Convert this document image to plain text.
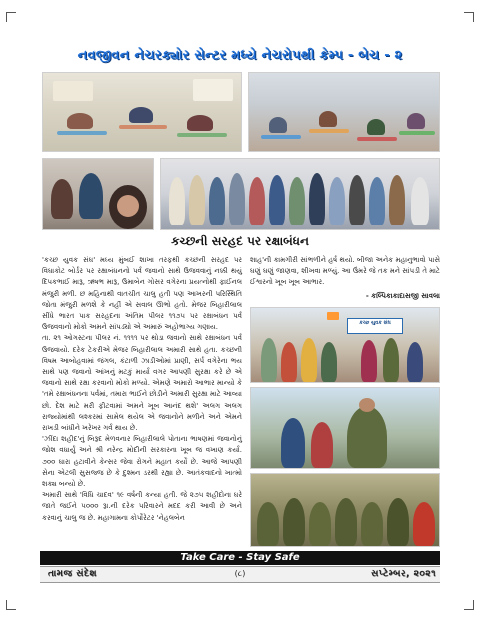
નવજીવન નેચરક્યોર સેન્ટર મધ્યે નેચરોપથી કેમ્પ - બેચ - ૨
કચ્છની સરહદ પર રક્ષાબંધન

'કચ્છ યુવક સંઘ' મધ્ય મુંબઈ શાખા તરફથી કચ્છની સરહદ પર વિઘાકોટ બોર્ડર પર રક્ષાબંધનનો પર્વ જવાનો સાથે ઉજવવાનું નક્કી થયું દિપકભાઈ મારૂ, ઋષભ મારૂ, ઉમાબેન ગોસર વગેરના પ્રયત્નોથી ફાઈનલ મંજુરી મળી. છ મહિનાથી વાતચીત ચાલુ હતી પણ આખરની પરિસ્થિતિ જોતા મંજુરી મળશે કે નહીં એ સવાલ ઊભો હતો. મેજર બિહારીલાલ સીંધે ભારત પાક સરહદના અંતિમ પીલર ૧૧૭૫ પર રક્ષાબંધન પર્વ ઉજવવાનો મોકો અમને સાંપડ્યો એ અમારું અહોભાગ્ય ગણાય.

તા. ૨૧ ઓગસ્ટના પીલર નં. ૧૧૧૧ પર થોડા જવાનો સાથે રક્ષાબંધન પર્વ ઉજવાયો. દરેક ટેકરીએ મેજર બિહારીલાલ અમારી સાથે હતા. કચ્છની વિષમ આબોહવામાં જંગલ, કંટાળી ઝાડીઓમાં પ્રાણી, સર્પ વગેરેના ભય સાથે પણ જવાનો આંખનું મટકું માર્યા વગર આપણી સુરક્ષા કરે છે એ જવાનો સાથે રક્ષા કરવાનો મોકો મળ્યો. એમણે અમારો આભાર માન્યો કે 'તમે રક્ષાબંધનના પર્વમાં, તમારા ભાઈને છોડીને અમારી સુરક્ષા માટે આવ્યા છો. દેશ માટે મરી ફીટવામાં અમને ખૂબ આનંદ થશે' અલગ અલગ રાજ્યોમાંથી લશ્કરમાં સામેલ થયેલ એ જવાનોને મળીને અને એમને રાખડી બાંધીને ખરેખર ગર્વ થાય છે.

'ઝીંદા શહીદ'નું બિરૂદ મેળવનાર બિહારીલાલે પોતાના ભાષણમાં જવાનોનું જોશ વધાર્યું અને શ્રી નરેન્દ્ર મોદીની સરકારના ખૂબ જ વખાણ કર્યા. ૭૦૦ ઘારા હટાવીને કેન્સર જેવા રોગને મહાત કર્યો છે. આજે આપણી સેના એટલી સુસજ્જ છે કે દુશ્મન ડરથી રહ્યા છે. આતંકવાદનો ખાત્મો શક્ય બન્યો છે.

અમારી સાથે 'વિધિ ચાદવ' ૧૯ વર્ષની કન્યા હતી. જે ૨૭૫ શહીદોના ઘરે જાતે જઈને ૫૦૦૦ રૂા.ની દરેક પરિવારને મદદ કરી આવી છે અને કરવાનું ચાલુ જ છે. મહાગામના કોર્પોરેટર 'નેહલબેન

શાહ'ની કામગીરી સાંભળીને હર્ષ થયો. બીજા અનેક મહાનુભાવો પાસે ઘણું ઘણું જાણવા, શીખવા મળ્યું. આ ઉંમરે જે તક મને સાંપડી તે માટે ઈશ્વરનો ખૂબ ખૂબ આભાર.

- કલ્પિકાકાદાસજી સાવલા
કચ્છ યુવક સંઘ
Take Care - Stay Safe
તામજ સંદેશ	(૮)	સપ્ટેમ્બર, ૨૦૨૧
